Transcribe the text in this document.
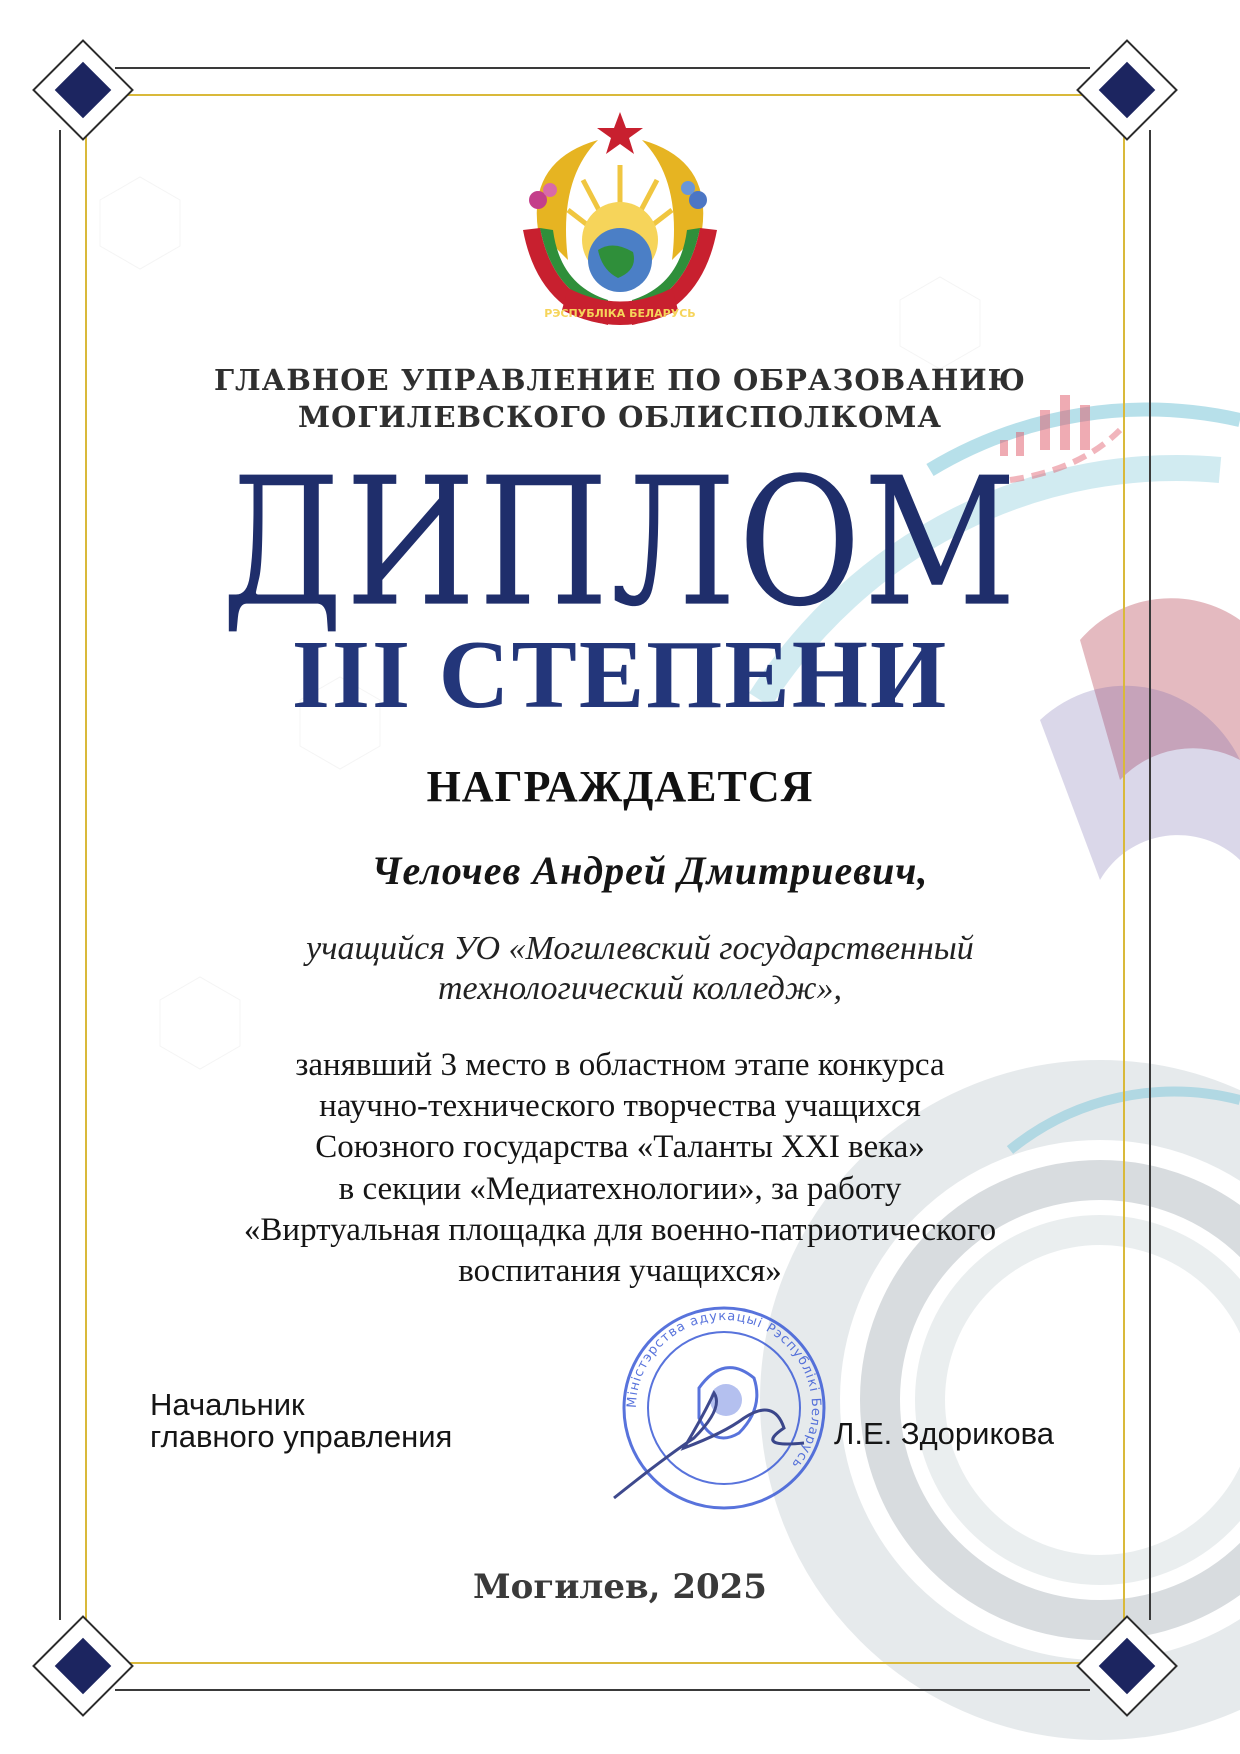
РЭСПУБЛІКА БЕЛАРУСЬ
ГЛАВНОЕ УПРАВЛЕНИЕ ПО ОБРАЗОВАНИЮ
МОГИЛЕВСКОГО ОБЛИСПОЛКОМА
ДИПЛОМ
III СТЕПЕНИ
НАГРАЖДАЕТСЯ
Челочев Андрей Дмитриевич,
учащийся УО «Могилевский государственный
технологический колледж»,
занявший 3 место в областном этапе конкурса
научно-технического творчества учащихся
Союзного государства «Таланты XXI века»
в секции «Медиатехнологии», за работу
«Виртуальная площадка для военно-патриотического
воспитания учащихся»
Міністэрства адукацыі Рэспублікі Беларусь
Начальник
главного управления	Л.Е. Здорикова
Могилев, 2025
